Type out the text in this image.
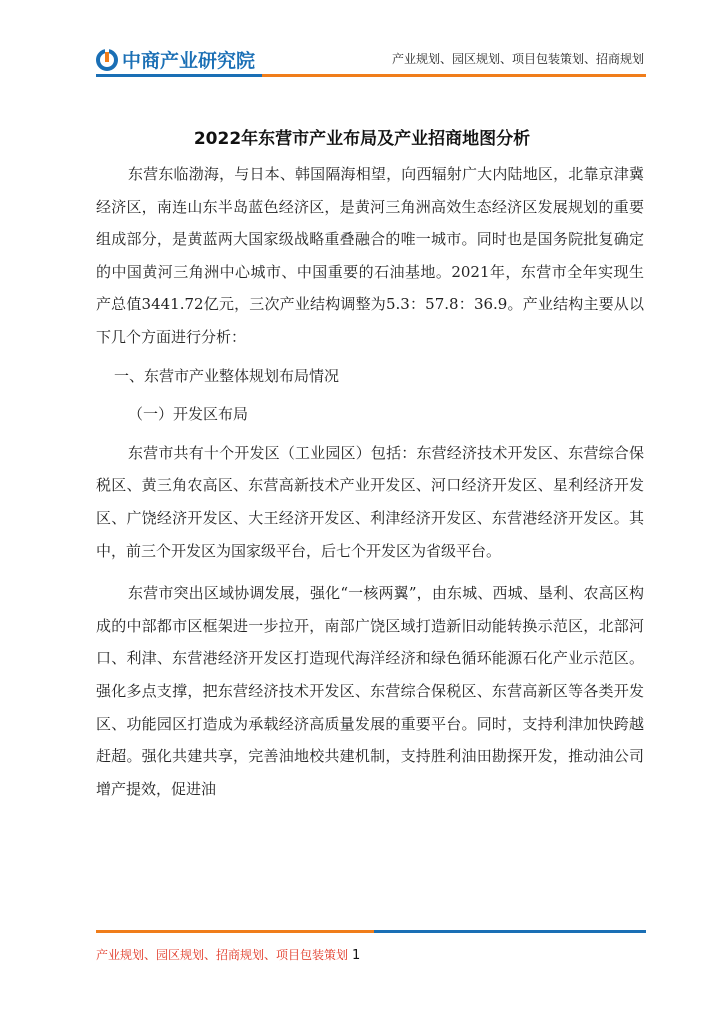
中商产业研究院	产业规划、园区规划、项目包装策划、招商规划
2022年东营市产业布局及产业招商地图分析

东营东临渤海，与日本、韩国隔海相望，向西辐射广大内陆地区，北靠京津冀经济区，南连山东半岛蓝色经济区，是黄河三角洲高效生态经济区发展规划的重要组成部分，是黄蓝两大国家级战略重叠融合的唯一城市。同时也是国务院批复确定的中国黄河三角洲中心城市、中国重要的石油基地。2021年，东营市全年实现生产总值3441.72亿元，三次产业结构调整为5.3：57.8：36.9。产业结构主要从以下几个方面进行分析：

一、东营市产业整体规划布局情况

（一）开发区布局

东营市共有十个开发区（工业园区）包括：东营经济技术开发区、东营综合保税区、黄三角农高区、东营高新技术产业开发区、河口经济开发区、星利经济开发区、广饶经济开发区、大王经济开发区、利津经济开发区、东营港经济开发区。其中，前三个开发区为国家级平台，后七个开发区为省级平台。

东营市突出区域协调发展，强化“一核两翼”，由东城、西城、垦利、农高区构成的中部都市区框架进一步拉开，南部广饶区域打造新旧动能转换示范区，北部河口、利津、东营港经济开发区打造现代海洋经济和绿色循环能源石化产业示范区。强化多点支撑，把东营经济技术开发区、东营综合保税区、东营高新区等各类开发区、功能园区打造成为承载经济高质量发展的重要平台。同时，支持利津加快跨越赶超。强化共建共享，完善油地校共建机制，支持胜利油田勘探开发，推动油公司增产提效，促进油

产业规划、园区规划、招商规划、项目包装策划 1
